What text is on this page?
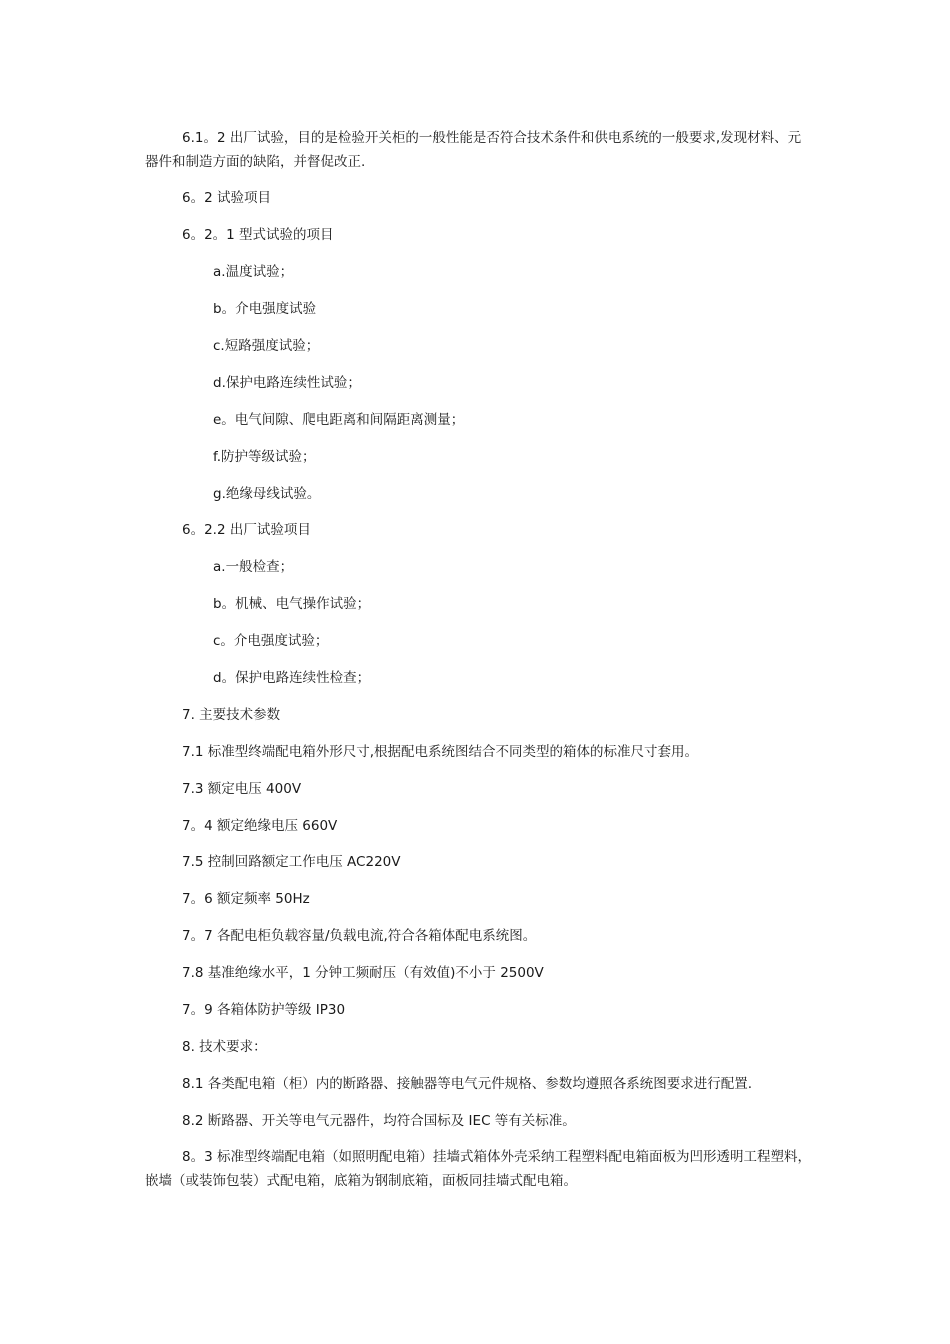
6.1。2 出厂试验，目的是检验开关柜的一般性能是否符合技术条件和供电系统的一般要求,发现材料、元器件和制造方面的缺陷，并督促改正.
6。2 试验项目
6。2。1 型式试验的项目
a.温度试验；
b。介电强度试验
c.短路强度试验；
d.保护电路连续性试验；
e。电气间隙、爬电距离和间隔距离测量；
f.防护等级试验；
g.绝缘母线试验。
6。2.2 出厂试验项目
a.一般检查；
b。机械、电气操作试验；
c。介电强度试验；
d。保护电路连续性检查；
7. 主要技术参数
7.1 标准型终端配电箱外形尺寸,根据配电系统图结合不同类型的箱体的标准尺寸套用。
7.3 额定电压 400V
7。4 额定绝缘电压 660V
7.5 控制回路额定工作电压 AC220V
7。6 额定频率 50Hz
7。7 各配电柜负载容量/负载电流,符合各箱体配电系统图。
7.8 基准绝缘水平，1 分钟工频耐压（有效值)不小于 2500V
7。9 各箱体防护等级 IP30
8. 技术要求：
8.1 各类配电箱（柜）内的断路器、接触器等电气元件规格、参数均遵照各系统图要求进行配置.
8.2 断路器、开关等电气元器件，均符合国标及 IEC 等有关标准。
8。3 标准型终端配电箱（如照明配电箱）挂墙式箱体外壳采纳工程塑料配电箱面板为凹形透明工程塑料，嵌墙（或装饰包装）式配电箱，底箱为钢制底箱，面板同挂墙式配电箱。
